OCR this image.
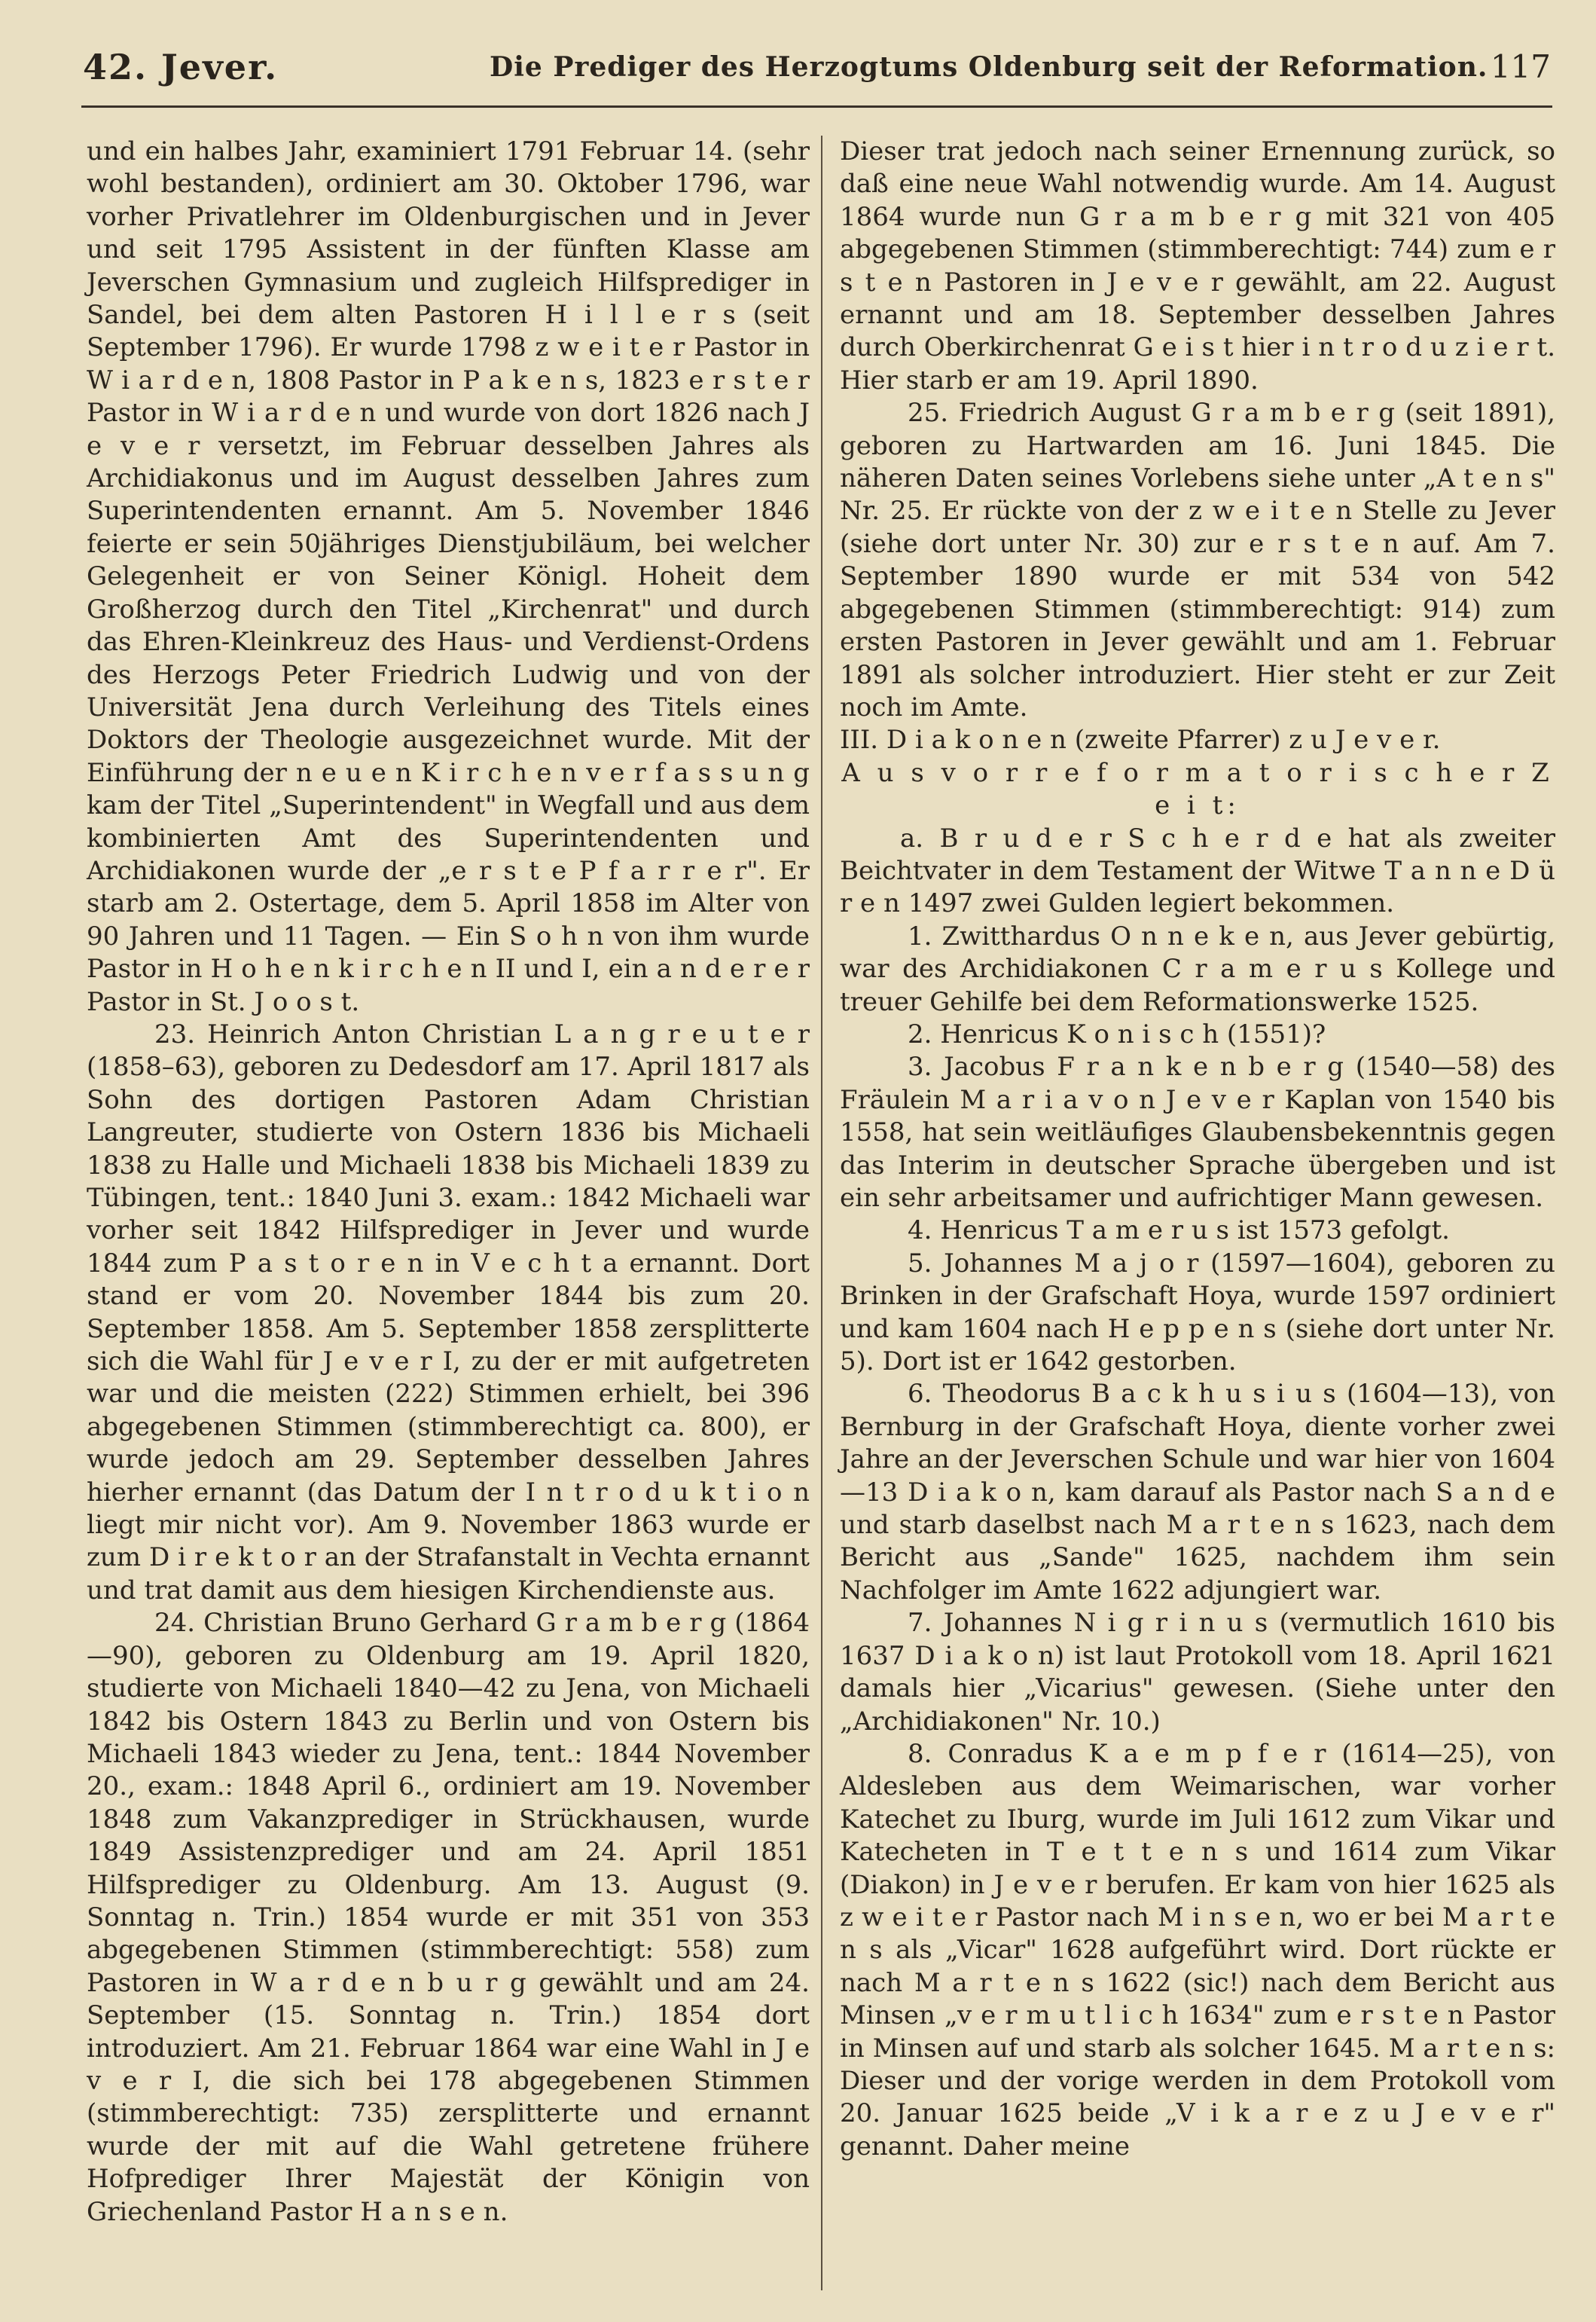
42. Jever.	Die Prediger des Herzogtums Oldenburg seit der Reformation. 117

und ein halbes Jahr, examiniert 1791 Februar 14. (sehr wohl bestanden), ordiniert am 30. Oktober 1796, war vorher Privatlehrer im Oldenburgischen und in Jever und seit 1795 Assistent in der fünften Klasse am Jeverschen Gymnasium und zugleich Hilfsprediger in Sandel, bei dem alten Pastoren H i l l e r s (seit September 1796). Er wurde 1798 z w e i t e r Pastor in W i a r d e n, 1808 Pastor in P a k e n s, 1823 e r s t e r Pastor in W i a r d e n und wurde von dort 1826 nach J e v e r versetzt, im Februar desselben Jahres als Archidiakonus und im August desselben Jahres zum Superintendenten ernannt. Am 5. November 1846 feierte er sein 50jähriges Dienstjubiläum, bei welcher Gelegenheit er von Seiner Königl. Hoheit dem Großherzog durch den Titel „Kirchenrat" und durch das Ehren-Kleinkreuz des Haus- und Verdienst-Ordens des Herzogs Peter Friedrich Ludwig und von der Universität Jena durch Verleihung des Titels eines Doktors der Theologie ausgezeichnet wurde. Mit der Einführung der n e u e n K i r c h e n v e r f a s s u n g kam der Titel „Superintendent" in Wegfall und aus dem kombinierten Amt des Superintendenten und Archidiakonen wurde der „e r s t e P f a r r e r". Er starb am 2. Ostertage, dem 5. April 1858 im Alter von 90 Jahren und 11 Tagen. — Ein S o h n von ihm wurde Pastor in H o h e n k i r c h e n II und I, ein a n d e r e r Pastor in St. J o o s t.

23. Heinrich Anton Christian L a n g r e u t e r (1858–63), geboren zu Dedesdorf am 17. April 1817 als Sohn des dortigen Pastoren Adam Christian Langreuter, studierte von Ostern 1836 bis Michaeli 1838 zu Halle und Michaeli 1838 bis Michaeli 1839 zu Tübingen, tent.: 1840 Juni 3. exam.: 1842 Michaeli war vorher seit 1842 Hilfsprediger in Jever und wurde 1844 zum P a s t o r e n in V e c h t a ernannt. Dort stand er vom 20. November 1844 bis zum 20. September 1858. Am 5. September 1858 zersplitterte sich die Wahl für J e v e r I, zu der er mit aufgetreten war und die meisten (222) Stimmen erhielt, bei 396 abgegebenen Stimmen (stimmberechtigt ca. 800), er wurde jedoch am 29. September desselben Jahres hierher ernannt (das Datum der I n t r o d u k t i o n liegt mir nicht vor). Am 9. November 1863 wurde er zum D i r e k t o r an der Strafanstalt in Vechta ernannt und trat damit aus dem hiesigen Kirchendienste aus.

24. Christian Bruno Gerhard G r a m b e r g (1864—90), geboren zu Oldenburg am 19. April 1820, studierte von Michaeli 1840—42 zu Jena, von Michaeli 1842 bis Ostern 1843 zu Berlin und von Ostern bis Michaeli 1843 wieder zu Jena, tent.: 1844 November 20., exam.: 1848 April 6., ordiniert am 19. November 1848 zum Vakanzprediger in Strückhausen, wurde 1849 Assistenzprediger und am 24. April 1851 Hilfsprediger zu Oldenburg. Am 13. August (9. Sonntag n. Trin.) 1854 wurde er mit 351 von 353 abgegebenen Stimmen (stimmberechtigt: 558) zum Pastoren in W a r d e n b u r g gewählt und am 24. September (15. Sonntag n. Trin.) 1854 dort introduziert. Am 21. Februar 1864 war eine Wahl in J e v e r I, die sich bei 178 abgegebenen Stimmen (stimmberechtigt: 735) zersplitterte und ernannt wurde der mit auf die Wahl getretene frühere Hofprediger Ihrer Majestät der Königin von Griechenland Pastor H a n s e n.

Dieser trat jedoch nach seiner Ernennung zurück, so daß eine neue Wahl notwendig wurde. Am 14. August 1864 wurde nun G r a m b e r g mit 321 von 405 abgegebenen Stimmen (stimmberechtigt: 744) zum e r s t e n Pastoren in J e v e r gewählt, am 22. August ernannt und am 18. September desselben Jahres durch Oberkirchenrat G e i s t hier i n t r o d u z i e r t. Hier starb er am 19. April 1890.

25. Friedrich August G r a m b e r g (seit 1891), geboren zu Hartwarden am 16. Juni 1845. Die näheren Daten seines Vorlebens siehe unter „A t e n s" Nr. 25. Er rückte von der z w e i t e n Stelle zu Jever (siehe dort unter Nr. 30) zur e r s t e n auf. Am 7. September 1890 wurde er mit 534 von 542 abgegebenen Stimmen (stimmberechtigt: 914) zum ersten Pastoren in Jever gewählt und am 1. Februar 1891 als solcher introduziert. Hier steht er zur Zeit noch im Amte.

III. D i a k o n e n (zweite Pfarrer) z u J e v e r.

A u s v o r r e f o r m a t o r i s c h e r Z e i t:

a. B r u d e r S c h e r d e hat als zweiter Beichtvater in dem Testament der Witwe T a n n e D ü r e n 1497 zwei Gulden legiert bekommen.

1. Zwitthardus O n n e k e n, aus Jever gebürtig, war des Archidiakonen C r a m e r u s Kollege und treuer Gehilfe bei dem Reformationswerke 1525.

2. Henricus K o n i s c h (1551)?

3. Jacobus F r a n k e n b e r g (1540—58) des Fräulein M a r i a v o n J e v e r Kaplan von 1540 bis 1558, hat sein weitläufiges Glaubensbekenntnis gegen das Interim in deutscher Sprache übergeben und ist ein sehr arbeitsamer und aufrichtiger Mann gewesen.

4. Henricus T a m e r u s ist 1573 gefolgt.

5. Johannes M a j o r (1597—1604), geboren zu Brinken in der Grafschaft Hoya, wurde 1597 ordiniert und kam 1604 nach H e p p e n s (siehe dort unter Nr. 5). Dort ist er 1642 gestorben.

6. Theodorus B a c k h u s i u s (1604—13), von Bernburg in der Grafschaft Hoya, diente vorher zwei Jahre an der Jeverschen Schule und war hier von 1604—13 D i a k o n, kam darauf als Pastor nach S a n d e und starb daselbst nach M a r t e n s 1623, nach dem Bericht aus „Sande" 1625, nachdem ihm sein Nachfolger im Amte 1622 adjungiert war.

7. Johannes N i g r i n u s (vermutlich 1610 bis 1637 D i a k o n) ist laut Protokoll vom 18. April 1621 damals hier „Vicarius" gewesen. (Siehe unter den „Archidiakonen" Nr. 10.)

8. Conradus K a e m p f e r (1614—25), von Aldesleben aus dem Weimarischen, war vorher Katechet zu Iburg, wurde im Juli 1612 zum Vikar und Katecheten in T e t t e n s und 1614 zum Vikar (Diakon) in J e v e r berufen. Er kam von hier 1625 als z w e i t e r Pastor nach M i n s e n, wo er bei M a r t e n s als „Vicar" 1628 aufgeführt wird. Dort rückte er nach M a r t e n s 1622 (sic!) nach dem Bericht aus Minsen „v e r m u t l i c h 1634" zum e r s t e n Pastor in Minsen auf und starb als solcher 1645. M a r t e n s: Dieser und der vorige werden in dem Protokoll vom 20. Januar 1625 beide „V i k a r e z u J e v e r" genannt. Daher meine
